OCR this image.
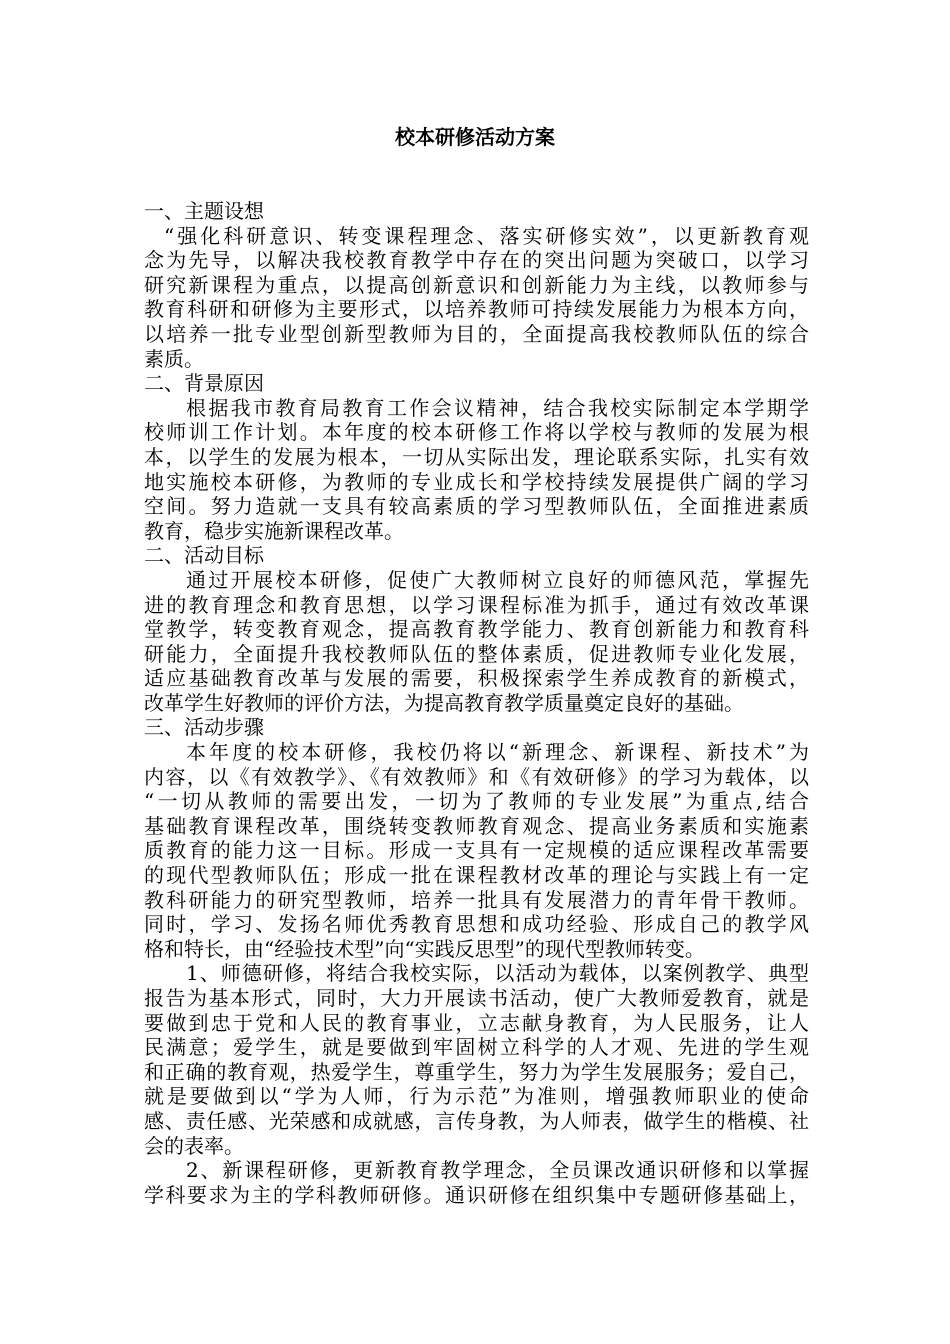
校本研修活动方案
一、主题设想
“强化科研意识、转变课程理念、落实研修实效”，以更新教育观
念为先导，以解决我校教育教学中存在的突出问题为突破口，以学习
研究新课程为重点，以提高创新意识和创新能力为主线，以教师参与
教育科研和研修为主要形式，以培养教师可持续发展能力为根本方向，
以培养一批专业型创新型教师为目的，全面提高我校教师队伍的综合
素质。
二、背景原因
根据我市教育局教育工作会议精神，结合我校实际制定本学期学
校师训工作计划。本年度的校本研修工作将以学校与教师的发展为根
本，以学生的发展为根本，一切从实际出发，理论联系实际，扎实有效
地实施校本研修，为教师的专业成长和学校持续发展提供广阔的学习
空间。努力造就一支具有较高素质的学习型教师队伍，全面推进素质
教育，稳步实施新课程改革。
二、活动目标
通过开展校本研修，促使广大教师树立良好的师德风范，掌握先
进的教育理念和教育思想，以学习课程标准为抓手，通过有效改革课
堂教学，转变教育观念，提高教育教学能力、教育创新能力和教育科
研能力，全面提升我校教师队伍的整体素质，促进教师专业化发展，
适应基础教育改革与发展的需要，积极探索学生养成教育的新模式，
改革学生好教师的评价方法，为提高教育教学质量奠定良好的基础。
三、活动步骤
本年度的校本研修，我校仍将以“新理念、新课程、新技术”为
内容，以《有效教学》、《有效教师》和《有效研修》的学习为载体，以
“一切从教师的需要出发，一切为了教师的专业发展”为重点,结合
基础教育课程改革，围绕转变教师教育观念、提高业务素质和实施素
质教育的能力这一目标。形成一支具有一定规模的适应课程改革需要
的现代型教师队伍；形成一批在课程教材改革的理论与实践上有一定
教科研能力的研究型教师，培养一批具有发展潜力的青年骨干教师。
同时，学习、发扬名师优秀教育思想和成功经验、形成自己的教学风
格和特长，由“经验技术型”向“实践反思型”的现代型教师转变。
1、师德研修，将结合我校实际，以活动为载体，以案例教学、典型
报告为基本形式，同时，大力开展读书活动，使广大教师爱教育，就是
要做到忠于党和人民的教育事业，立志献身教育，为人民服务，让人
民满意；爱学生，就是要做到牢固树立科学的人才观、先进的学生观
和正确的教育观，热爱学生，尊重学生，努力为学生发展服务；爱自己，
就是要做到以“学为人师，行为示范”为准则，增强教师职业的使命
感、责任感、光荣感和成就感，言传身教，为人师表，做学生的楷模、社
会的表率。
2、新课程研修，更新教育教学理念，全员课改通识研修和以掌握
学科要求为主的学科教师研修。通识研修在组织集中专题研修基础上，
